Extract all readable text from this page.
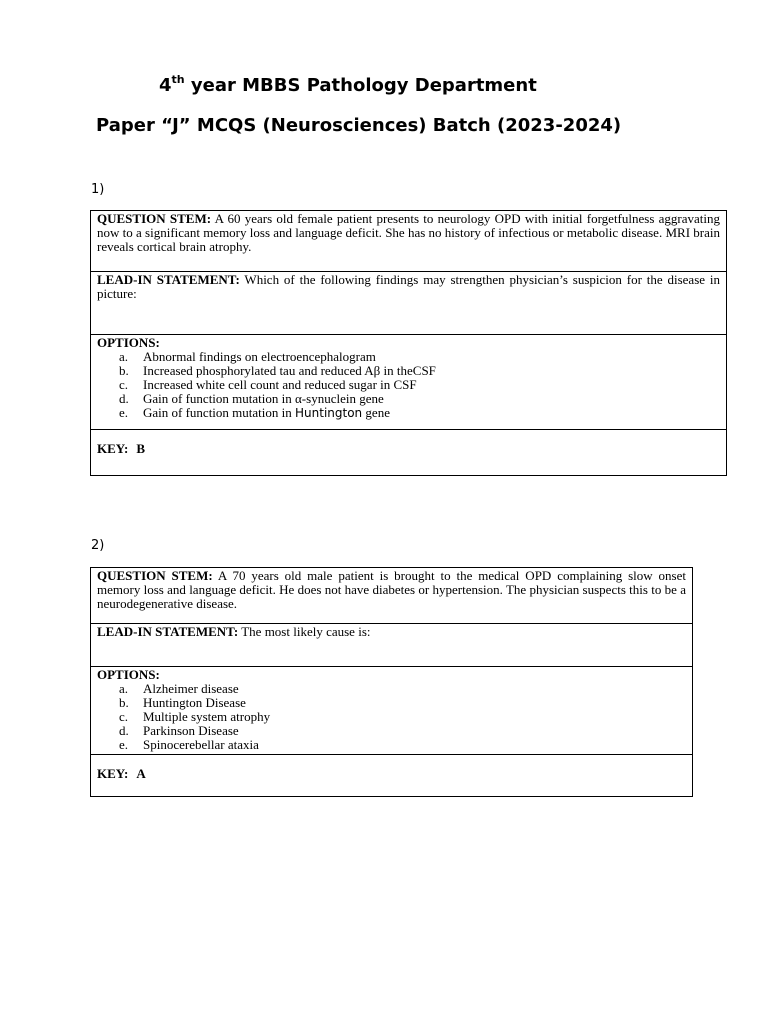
4th year MBBS Pathology Department
Paper “J” MCQS (Neurosciences) Batch (2023-2024)
1)
QUESTION STEM: A 60 years old female patient presents to neurology OPD with initial forgetfulness aggravating now to a significant memory loss and language deficit. She has no history of infectious or metabolic disease. MRI brain reveals cortical brain atrophy.
LEAD-IN STATEMENT: Which of the following findings may strengthen physician’s suspicion for the disease in picture:
OPTIONS:
a. Abnormal findings on electroencephalogram
b. Increased phosphorylated tau and reduced Aβ in theCSF
c. Increased white cell count and reduced sugar in CSF
d. Gain of function mutation in α-synuclein gene
e. Gain of function mutation in Huntington gene

KEY: B
2)
QUESTION STEM: A 70 years old male patient is brought to the medical OPD complaining slow onset memory loss and language deficit. He does not have diabetes or hypertension. The physician suspects this to be a neurodegenerative disease.
LEAD-IN STATEMENT: The most likely cause is:
OPTIONS:
a. Alzheimer disease
b. Huntington Disease
c. Multiple system atrophy
d. Parkinson Disease
e. Spinocerebellar ataxia

KEY: A
